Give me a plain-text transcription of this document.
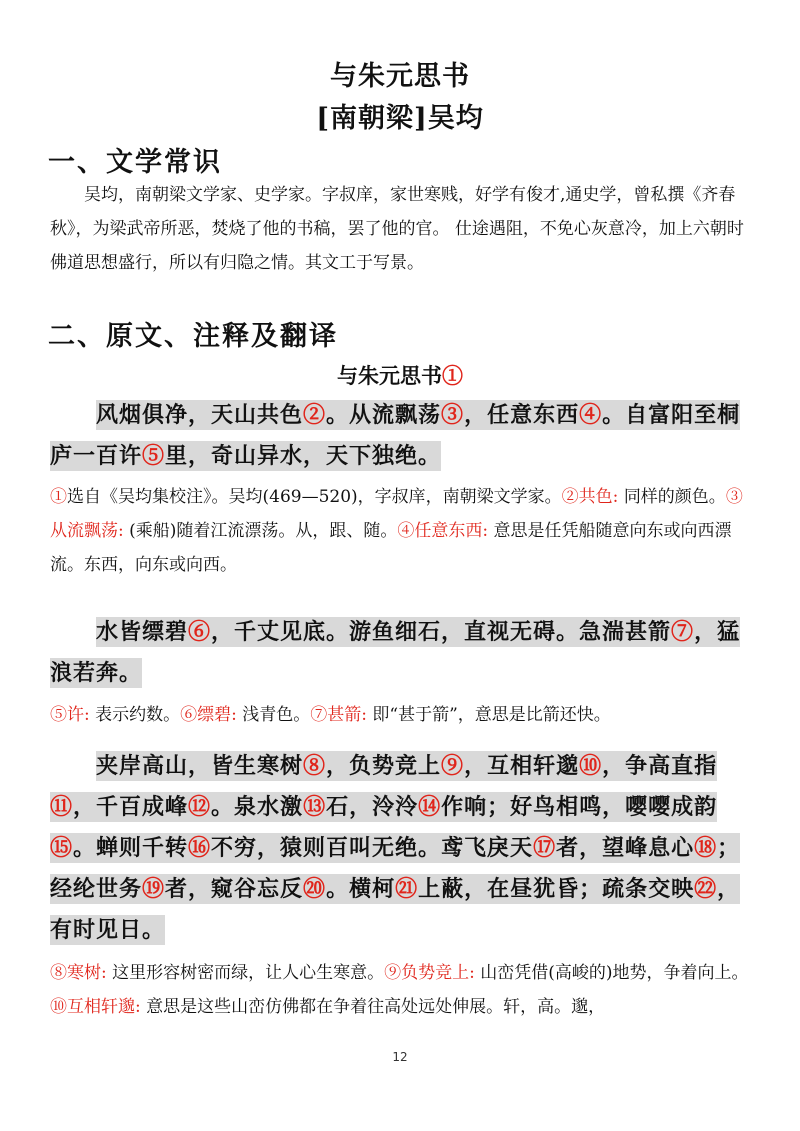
与朱元思书
[南朝梁]吴均
一、文学常识
吴均，南朝梁文学家、史学家。字叔庠，家世寒贱，好学有俊才,通史学，曾私撰《齐春秋》，为梁武帝所恶，焚烧了他的书稿，罢了他的官。 仕途遇阻，不免心灰意冷，加上六朝时佛道思想盛行，所以有归隐之情。其文工于写景。
二、原文、注释及翻译
与朱元思书①
风烟俱净，天山共色②。从流飘荡③，任意东西④。自富阳至桐庐一百许⑤里，奇山异水，天下独绝。
①选自《吴均集校注》。吴均(469—520)，字叔庠，南朝梁文学家。②共色: 同样的颜色。③从流飘荡: (乘船)随着江流漂荡。从，跟、随。④任意东西: 意思是任凭船随意向东或向西漂流。东西，向东或向西。
水皆缥碧⑥，千丈见底。游鱼细石，直视无碍。急湍甚箭⑦，猛浪若奔。
⑤许: 表示约数。⑥缥碧: 浅青色。⑦甚箭: 即“甚于箭”，意思是比箭还快。
夹岸高山，皆生寒树⑧，负势竞上⑨，互相轩邈⑩，争高直指⑪，千百成峰⑫。泉水激⑬石，泠泠⑭作响；好鸟相鸣，嘤嘤成韵⑮。蝉则千转⑯不穷，猿则百叫无绝。鸢飞戾天⑰者，望峰息心⑱；经纶世务⑲者，窥谷忘反⑳。横柯㉑上蔽，在昼犹昏；疏条交映㉒，有时见日。
⑧寒树: 这里形容树密而绿，让人心生寒意。⑨负势竞上: 山峦凭借(高峻的)地势，争着向上。⑩互相轩邈: 意思是这些山峦仿佛都在争着往高处远处伸展。轩，高。邈，
12
